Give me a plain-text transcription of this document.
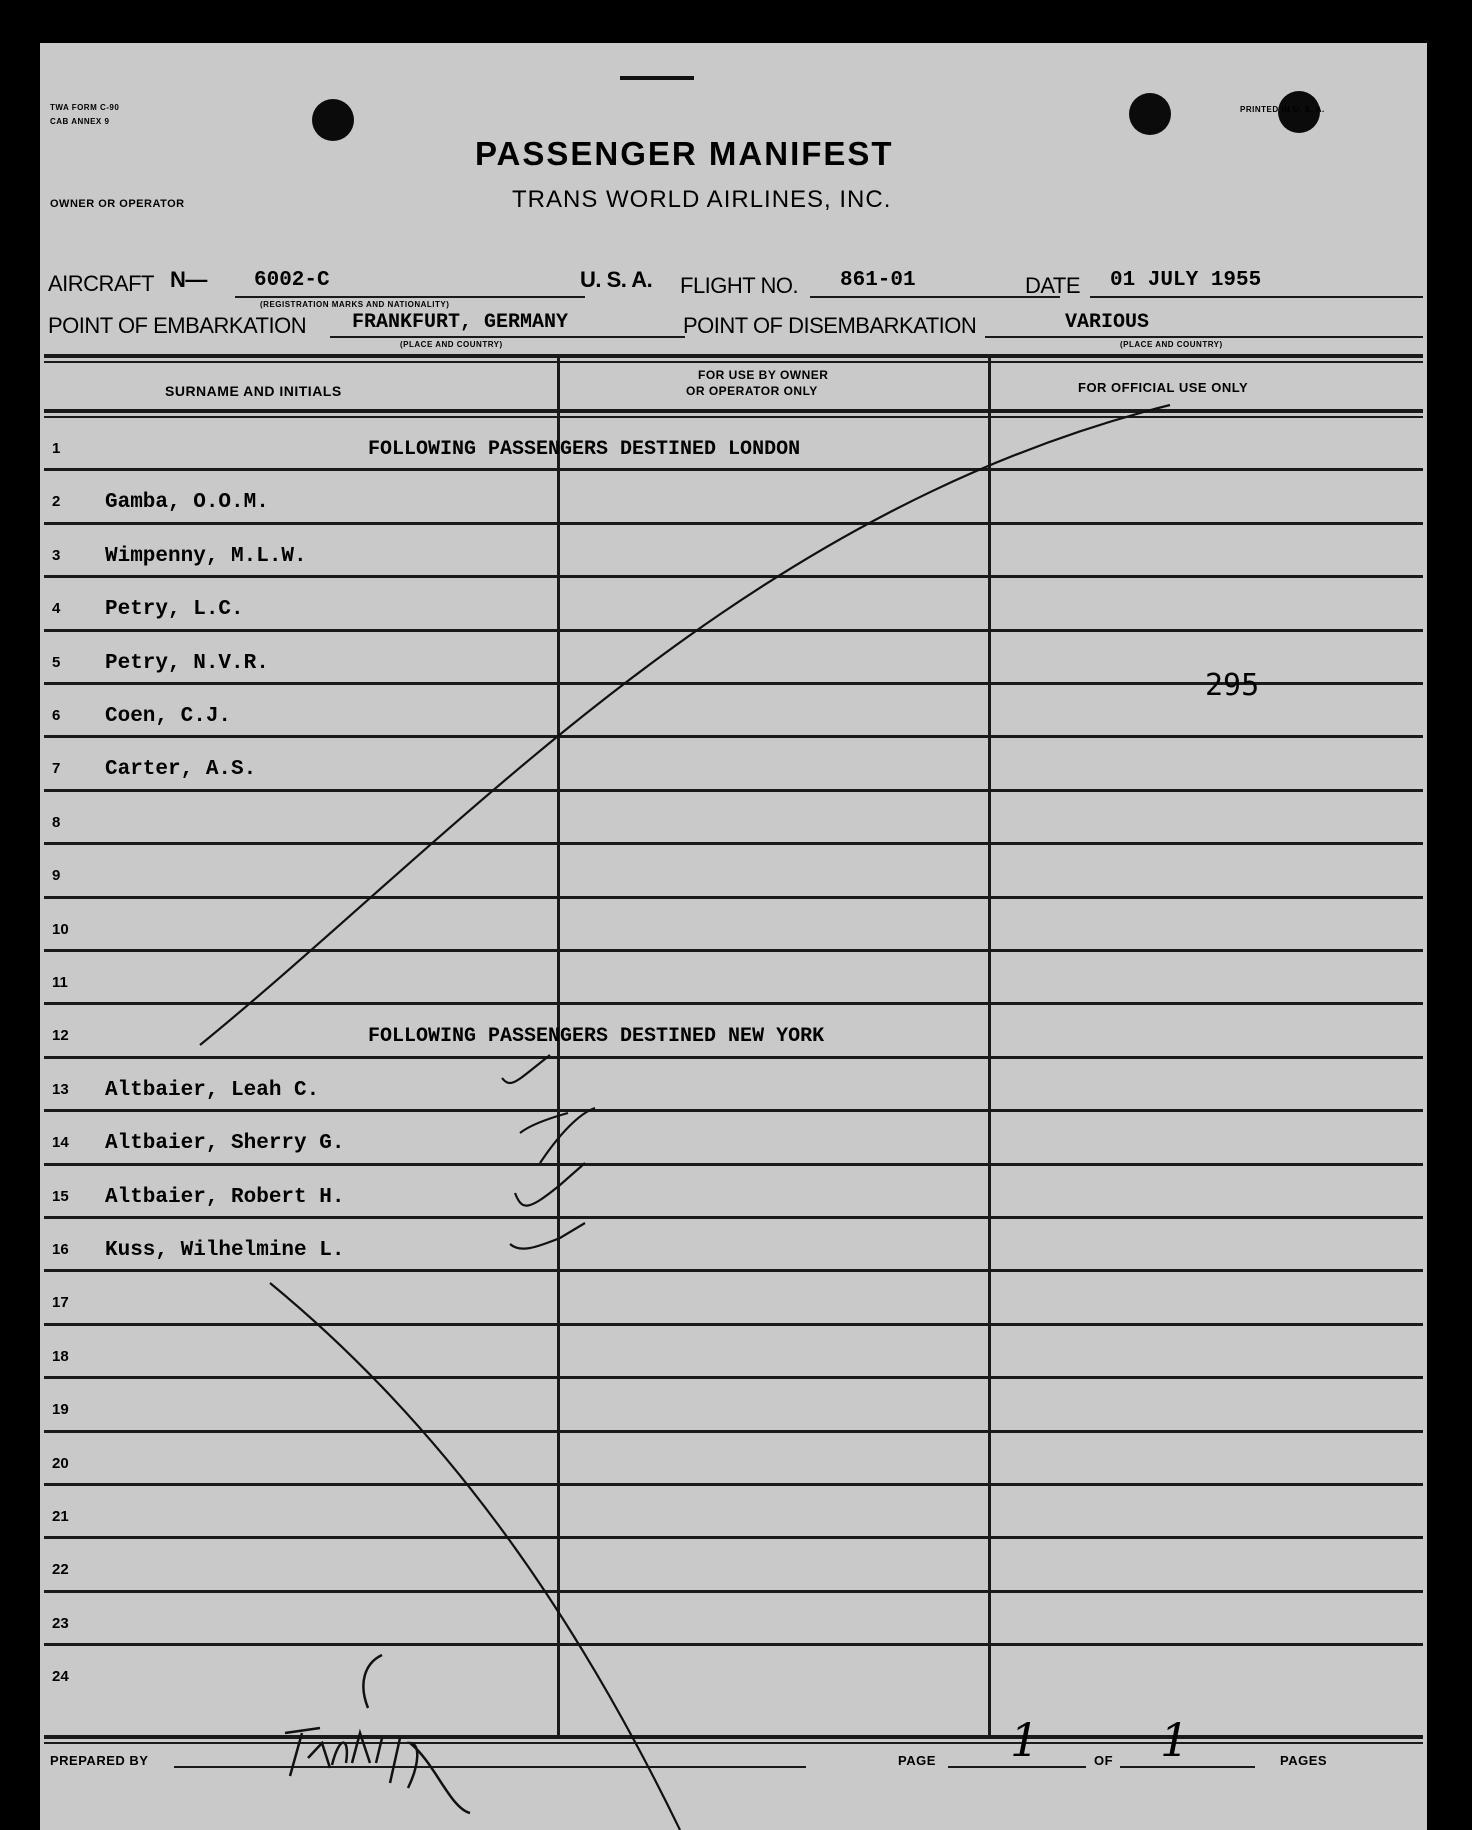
TWA FORM C-90
CAB ANNEX 9
PRINTED IN U. S. A.
PASSENGER MANIFEST
TRANS WORLD AIRLINES, INC.
OWNER OR OPERATOR
AIRCRAFT N— 6002-C
(REGISTRATION MARKS AND NATIONALITY)
U. S. A. FLIGHT NO. 861-01	DATE 01 JULY 1955
POINT OF EMBARKATION FRANKFURT, GERMANY
(PLACE AND COUNTRY)
POINT OF DISEMBARKATION	VARIOUS
(PLACE AND COUNTRY)
SURNAME AND INITIALS
FOR USE BY OWNER
OR OPERATOR ONLY	FOR OFFICIAL USE ONLY
1	FOLLOWING PASSENGERS DESTINED LONDON
2 Gamba, O.O.M.
3 Wimpenny, M.L.W.
4 Petry, L.C.
5 Petry, N.V.R.
6 Coen, C.J.
7 Carter, A.S.
8
9
10
11
12	FOLLOWING PASSENGERS DESTINED NEW YORK
13 Altbaier, Leah C.
14 Altbaier, Sherry G.
15 Altbaier, Robert H.
16 Kuss, Wilhelmine L.
17
18
19
20
21
22
23
24
295
PREPARED BY	PAGE 1	OF 1	PAGES
